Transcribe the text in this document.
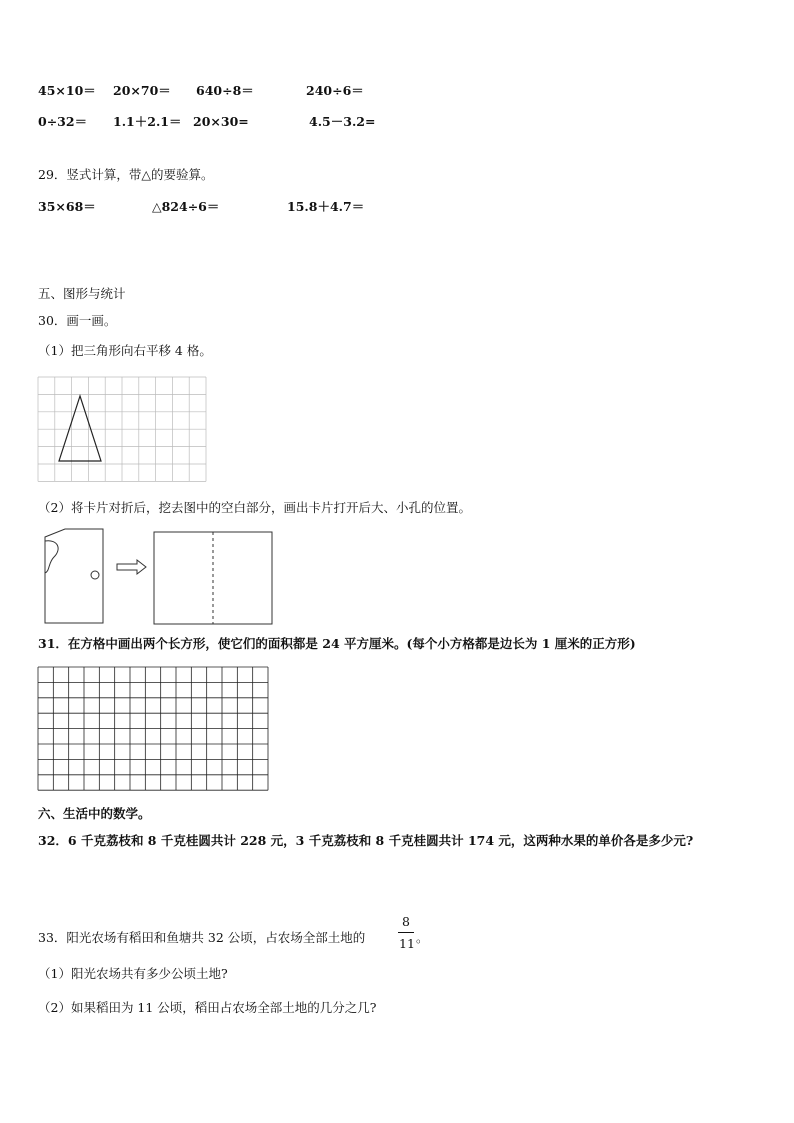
45×10＝ 20×70＝ 640÷8＝	240÷6＝
0÷32＝ 1.1＋2.1＝ 20×30=	4.5－3.2=
29．竖式计算，带△的要验算。
35×68＝	△824÷6＝	15.8＋4.7＝
五、图形与统计
30．画一画。
（1）把三角形向右平移 4 格。
（2）将卡片对折后，挖去图中的空白部分，画出卡片打开后大、小孔的位置。
31．在方格中画出两个长方形，使它们的面积都是 24 平方厘米。(每个小方格都是边长为 1 厘米的正方形)
六、生活中的数学。
32．6 千克荔枝和 8 千克桂圆共计 228 元，3 千克荔枝和 8 千克桂圆共计 174 元，这两种水果的单价各是多少元?
33．阳光农场有稻田和鱼塘共 32 公顷，占农场全部土地的
8
11 。
（1）阳光农场共有多少公顷土地?
（2）如果稻田为 11 公顷，稻田占农场全部土地的几分之几?
